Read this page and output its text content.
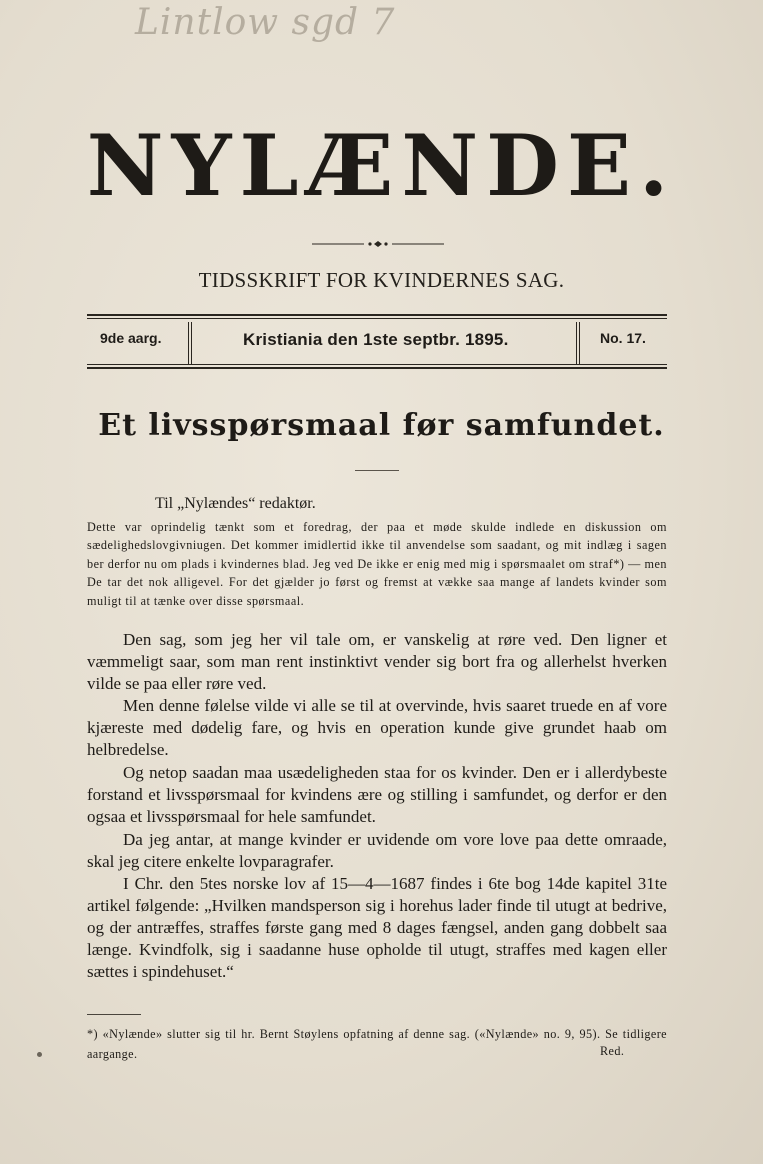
Lintlow sgd 7
NYLÆNDE.
TIDSSKRIFT FOR KVINDERNES SAG.
9de aarg.	Kristiania den 1ste septbr. 1895.	No. 17.
Et livsspørsmaal før samfundet.
Til „Nylændes“ redaktør.
Dette var oprindelig tænkt som et foredrag, der paa et møde skulde indlede en diskussion om sædelighedslovgivniugen. Det kommer imidlertid ikke til anvendelse som saadant, og mit indlæg i sagen ber derfor nu om plads i kvindernes blad. Jeg ved De ikke er enig med mig i spørsmaalet om straf*) — men De tar det nok alligevel. For det gjælder jo først og fremst at vække saa mange af landets kvinder som muligt til at tænke over disse spørsmaal.
Den sag, som jeg her vil tale om, er vanskelig at røre ved. Den ligner et væmmeligt saar, som man rent instinktivt vender sig bort fra og allerhelst hverken vilde se paa eller røre ved.
Men denne følelse vilde vi alle se til at overvinde, hvis saaret truede en af vore kjæreste med dødelig fare, og hvis en operation kunde give grundet haab om helbredelse.
Og netop saadan maa usædeligheden staa for os kvinder. Den er i allerdybeste forstand et livsspørsmaal for kvindens ære og stilling i samfundet, og derfor er den ogsaa et livsspørsmaal for hele samfundet.
Da jeg antar, at mange kvinder er uvidende om vore love paa dette omraade, skal jeg citere enkelte lovparagrafer.
I Chr. den 5tes norske lov af 15—4—1687 findes i 6te bog 14de kapitel 31te artikel følgende: „Hvilken mandsperson sig i horehus lader finde til utugt at bedrive, og der antræffes, straffes første gang med 8 dages fængsel, anden gang dobbelt saa længe. Kvindfolk, sig i saadanne huse opholde til utugt, straffes med kagen eller sættes i spindehuset.“
*) «Nylænde» slutter sig til hr. Bernt Støylens opfatning af denne sag. («Nylænde» no. 9, 95). Se tidligere aargange.	Red.
